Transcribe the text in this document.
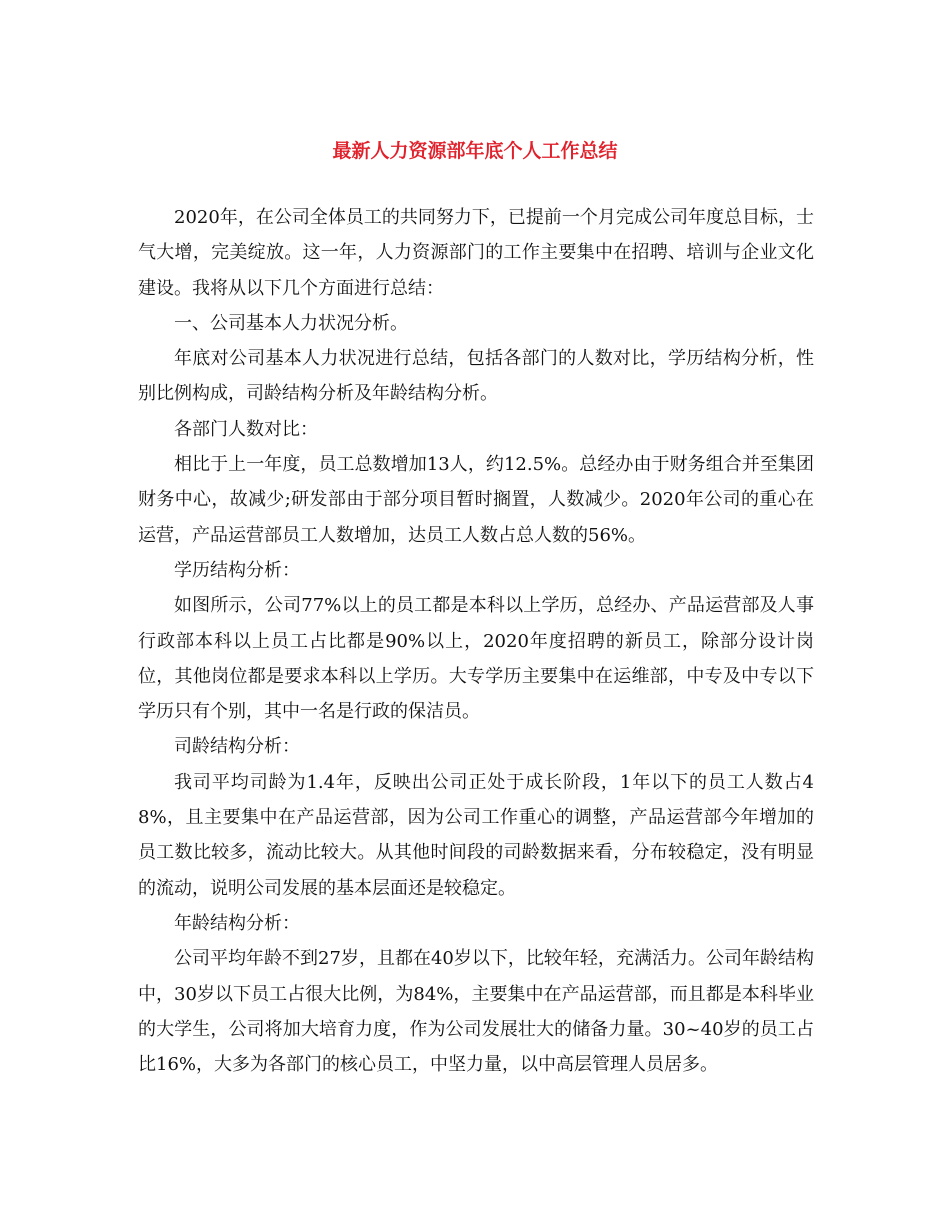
最新人力资源部年底个人工作总结

2020年，在公司全体员工的共同努力下，已提前一个月完成公司年度总目标，士气大增，完美绽放。这一年，人力资源部门的工作主要集中在招聘、培训与企业文化建设。我将从以下几个方面进行总结：

一、公司基本人力状况分析。

年底对公司基本人力状况进行总结，包括各部门的人数对比，学历结构分析，性别比例构成，司龄结构分析及年龄结构分析。

各部门人数对比：

相比于上一年度，员工总数增加13人，约12.5%。总经办由于财务组合并至集团财务中心，故减少;研发部由于部分项目暂时搁置，人数减少。2020年公司的重心在运营，产品运营部员工人数增加，达员工人数占总人数的56%。

学历结构分析：

如图所示，公司77%以上的员工都是本科以上学历，总经办、产品运营部及人事行政部本科以上员工占比都是90%以上，2020年度招聘的新员工，除部分设计岗位，其他岗位都是要求本科以上学历。大专学历主要集中在运维部，中专及中专以下学历只有个别，其中一名是行政的保洁员。

司龄结构分析：

我司平均司龄为1.4年，反映出公司正处于成长阶段，1年以下的员工人数占48%，且主要集中在产品运营部，因为公司工作重心的调整，产品运营部今年增加的员工数比较多，流动比较大。从其他时间段的司龄数据来看，分布较稳定，没有明显的流动，说明公司发展的基本层面还是较稳定。

年龄结构分析：

公司平均年龄不到27岁，且都在40岁以下，比较年轻，充满活力。公司年龄结构中，30岁以下员工占很大比例，为84%，主要集中在产品运营部，而且都是本科毕业的大学生，公司将加大培育力度，作为公司发展壮大的储备力量。30~40岁的员工占比16%，大多为各部门的核心员工，中坚力量，以中高层管理人员居多。
